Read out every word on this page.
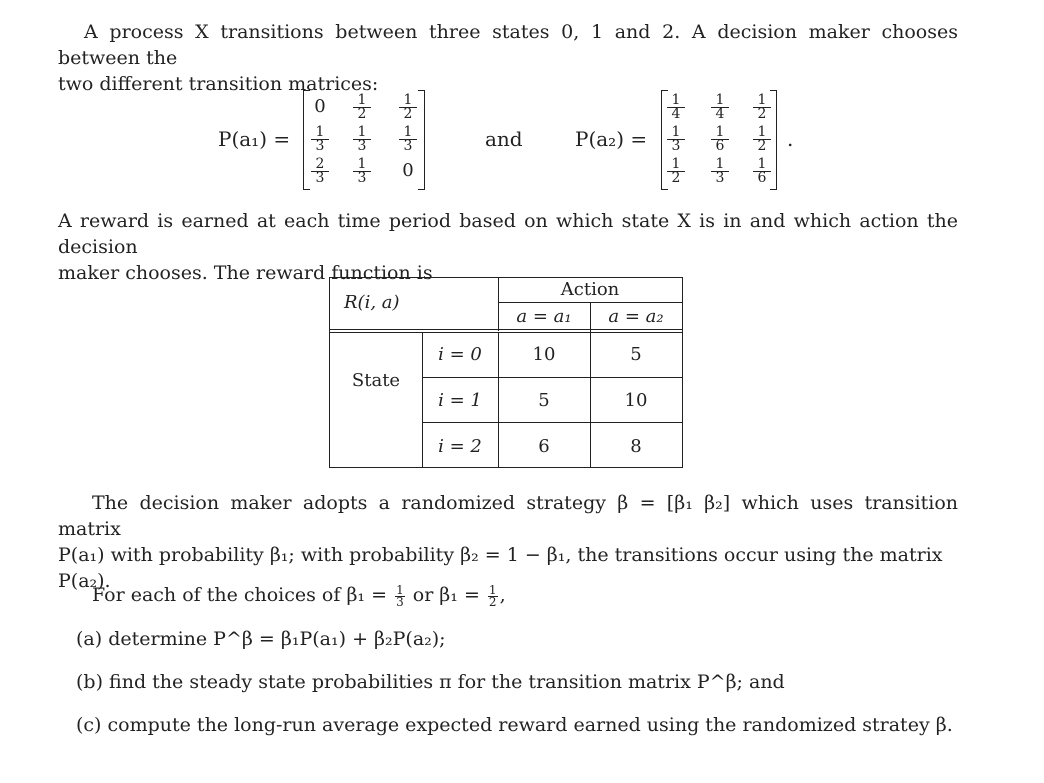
A process X transitions between three states 0, 1 and 2. A decision maker chooses between the
two different transition matrices:
P(a₁) =
0	$\frac{1}{2} \frac{1}{2}$
$\frac{1}{3} \frac{1}{3} \frac{1}{3}$
$\frac{2}{3} \frac{1}{3}$	0
and	P(a₂) =
$\frac{1}{4} \frac{1}{4} \frac{1}{2}$
$\frac{1}{3} \frac{1}{6} \frac{1}{2}$
$\frac{1}{2} \frac{1}{3} \frac{1}{6}$
.
A reward is earned at each time period based on which state X is in and which action the decision
maker chooses. The reward function is
R(i, a)
Action
a = a₁	a = a₂
State
i = 0	10	5
i = 1	5	10
i = 2	6	8
The decision maker adopts a randomized strategy β = [β₁ β₂] which uses transition matrix
P(a₁) with probability β₁; with probability β₂ = 1 − β₁, the transitions occur using the matrix
P(a₂).
For each of the choices of $\beta_1 = \frac{1}{3}$ or $\beta_1 = \frac{1}{2}$ ,
(a) determine P^β = β₁P(a₁) + β₂P(a₂);
(b) find the steady state probabilities π for the transition matrix P^β; and
(c) compute the long-run average expected reward earned using the randomized stratey β.
